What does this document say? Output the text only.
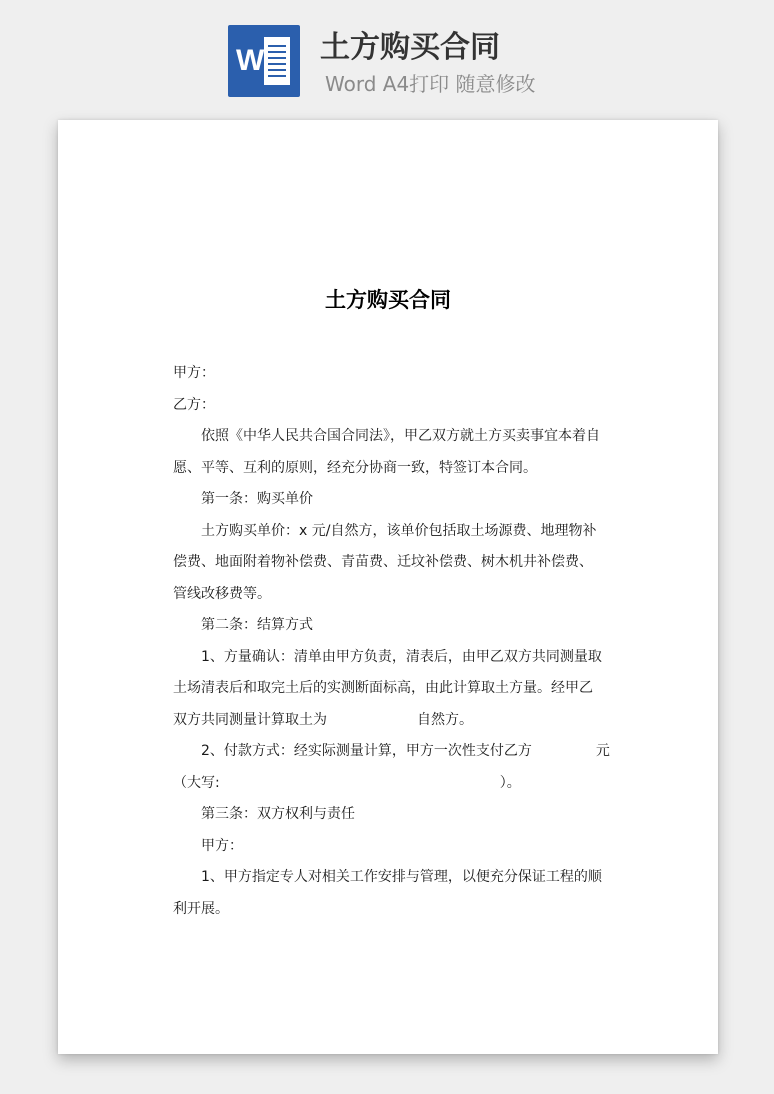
W 土方购买合同
Word A4打印 随意修改

土方购买合同

甲方：

乙方：

依照《中华人民共合国合同法》，甲乙双方就土方买卖事宜本着自

愿、平等、互利的原则，经充分协商一致，特签订本合同。

第一条：购买单价

土方购买单价：x 元/自然方，该单价包括取土场源费、地理物补

偿费、地面附着物补偿费、青苗费、迁坟补偿费、树木机井补偿费、

管线改移费等。

第二条：结算方式

1、方量确认：清单由甲方负责，清表后，由甲乙双方共同测量取

土场清表后和取完土后的实测断面标高，由此计算取土方量。经甲乙

双方共同测量计算取土为	自然方。

2、付款方式：经实际测量计算，甲方一次性支付乙方	元

（大写:	）。

第三条：双方权利与责任

甲方：

1、甲方指定专人对相关工作安排与管理，以便充分保证工程的顺

利开展。
